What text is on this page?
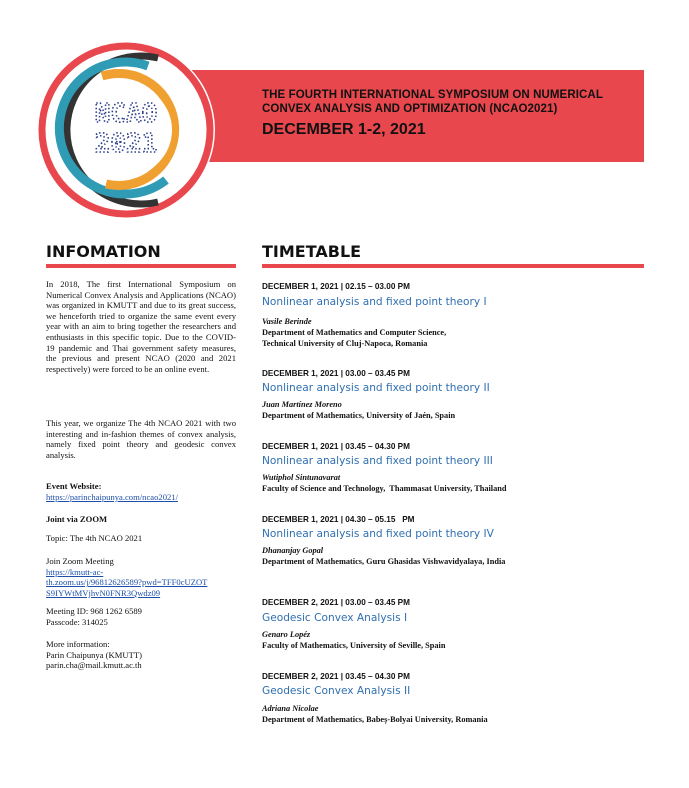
NCAO
2021
THE FOURTH INTERNATIONAL SYMPOSIUM ON NUMERICAL
CONVEX ANALYSIS AND OPTIMIZATION (NCAO2021)
DECEMBER 1-2, 2021
INFOMATION
In 2018, The first International Symposium on Numerical Convex Analysis and Applications (NCAO) was organized in KMUTT and due to its great success, we henceforth tried to organize the same event every year with an aim to bring together the researchers and enthusiasts in this specific topic. Due to the COVID-19 pandemic and Thai government safety measures, the previous and present NCAO (2020 and 2021 respectively) were forced to be an online event.
This year, we organize The 4th NCAO 2021 with two interesting and in-fashion themes of convex analysis, namely fixed point theory and geodesic convex analysis.

Event Website:

https://parinchaipunya.com/ncao2021/

Joint via ZOOM
Topic: The 4th NCAO 2021

Join Zoom Meeting

https://kmutt-ac-

th.zoom.us/j/96812626589?pwd=TFF0cUZOT

S9IYWtMVjhvN0FNR3Qwdz09

Meeting ID: 968 1262 6589

Passcode: 314025

More information:

Parin Chaipunya (KMUTT)

parin.cha@mail.kmutt.ac.th

TIMETABLE
DECEMBER 1, 2021 | 02.15 – 03.00 PM
Nonlinear analysis and fixed point theory I
Vasile Berinde
Department of Mathematics and Computer Science,
Technical University of Cluj-Napoca, Romania
DECEMBER 1, 2021 | 03.00 – 03.45 PM
Nonlinear analysis and fixed point theory II
Juan Martínez Moreno
Department of Mathematics, University of Jaén, Spain
DECEMBER 1, 2021 | 03.45 – 04.30 PM
Nonlinear analysis and fixed point theory III
Wutiphol Sintunavarat
Faculty of Science and Technology,  Thammasat University, Thailand
DECEMBER 1, 2021 | 04.30 – 05.15   PM
Nonlinear analysis and fixed point theory IV
Dhananjay Gopal
Department of Mathematics, Guru Ghasidas Vishwavidyalaya, India
DECEMBER 2, 2021 | 03.00 – 03.45 PM
Geodesic Convex Analysis I
Genaro Lopéz
Faculty of Mathematics, University of Seville, Spain
DECEMBER 2, 2021 | 03.45 – 04.30 PM
Geodesic Convex Analysis II
Adriana Nicolae
Department of Mathematics, Babeș-Bolyai University, Romania
